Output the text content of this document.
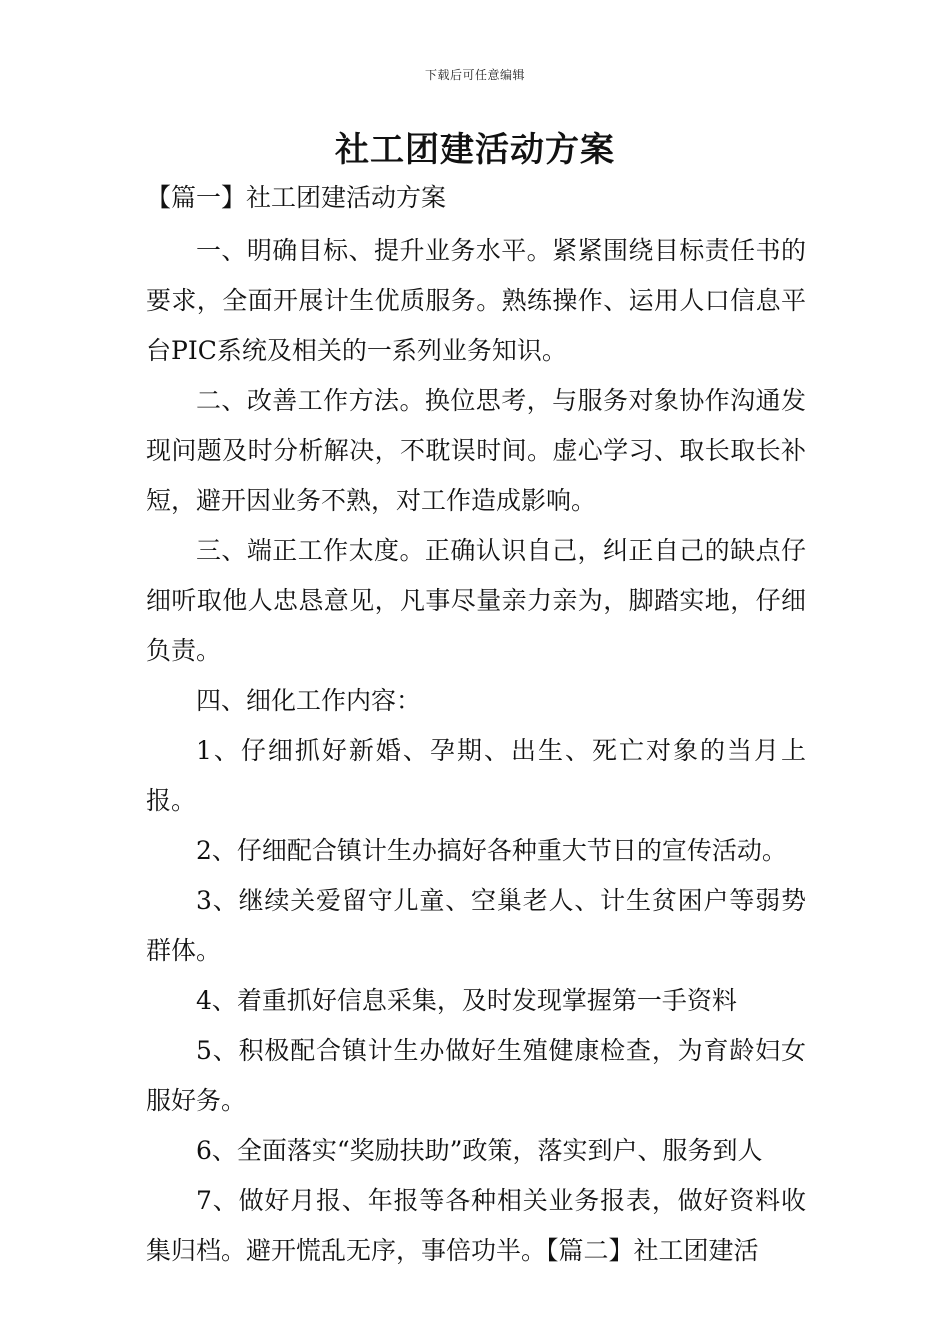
下载后可任意编辑
社工团建活动方案
【篇一】社工团建活动方案

一、明确目标、提升业务水平。紧紧围绕目标责任书的要求，全面开展计生优质服务。熟练操作、运用人口信息平台PIC系统及相关的一系列业务知识。

二、改善工作方法。换位思考，与服务对象协作沟通发现问题及时分析解决，不耽误时间。虚心学习、取长取长补短，避开因业务不熟，对工作造成影响。

三、端正工作太度。正确认识自己，纠正自己的缺点仔细听取他人忠恳意见，凡事尽量亲力亲为，脚踏实地，仔细负责。

四、细化工作内容：

1、仔细抓好新婚、孕期、出生、死亡对象的当月上报。

2、仔细配合镇计生办搞好各种重大节日的宣传活动。

3、继续关爱留守儿童、空巢老人、计生贫困户等弱势群体。

4、着重抓好信息采集，及时发现掌握第一手资料

5、积极配合镇计生办做好生殖健康检查，为育龄妇女服好务。

6、全面落实“奖励扶助”政策，落实到户、服务到人

7、做好月报、年报等各种相关业务报表，做好资料收集归档。避开慌乱无序，事倍功半。【篇二】社工团建活
